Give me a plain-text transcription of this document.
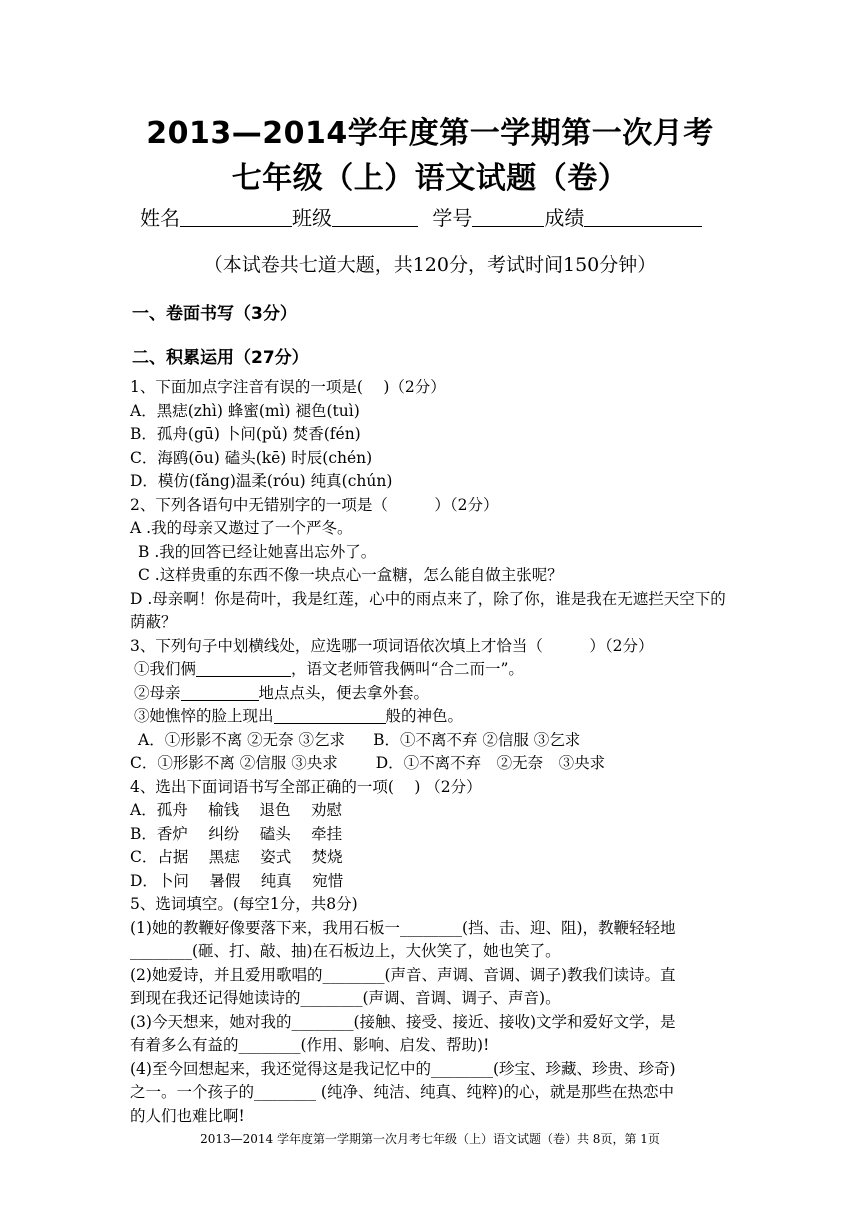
2013—2014学年度第一学期第一次月考
七年级（上）语文试题（卷）
姓名	班级	学号	成绩
（本试卷共七道大题，共120分，考试时间150分钟）
一、卷面书写（3分）
二、积累运用（27分）
1、下面加点字注音有误的一项是(　 )（2分）
A．黑痣(zhì) 蜂蜜(mì) 褪色(tuì)
B．孤舟(gū) 卜问(pǔ) 焚香(fén)
C．海鸥(ōu) 磕头(kē) 时辰(chén)
D．模仿(fǎng)温柔(róu) 纯真(chún)
2、下列各语句中无错别字的一项是（　　　）（2分）
A .我的母亲又遨过了一个严冬。
B .我的回答已经让她喜出忘外了。
C .这样贵重的东西不像一块点心一盒糖，怎么能自做主张呢？
D .母亲啊！你是荷叶，我是红莲，心中的雨点来了，除了你，谁是我在无遮拦天空下的荫蔽？
3、下列句子中划横线处，应选哪一项词语依次填上才恰当（　　　）（2分）
①我们俩	，语文老师管我俩叫“合二而一”。
②母亲	地点点头，便去拿外套。
③她憔悴的脸上现出	般的神色。
A．①形影不离 ②无奈 ③乞求 B．①不离不弃 ②信服 ③乞求
C．①形影不离 ②信服 ③央求 D．①不离不弃　②无奈　③央求
4、选出下面词语书写全部正确的一项(　 ) （2分）
A．孤舟　 榆钱　 退色　 劝慰
B．香炉　 纠纷　 磕头　 牵挂
C．占据　 黑痣　 姿式　 焚烧
D．卜问　 暑假　 纯真　 宛惜
5、选词填空。(每空1分，共8分)
(1)她的教鞭好像要落下来，我用石板一________(挡、击、迎、阻)，教鞭轻轻地
________(砸、打、敲、抽)在石板边上，大伙笑了，她也笑了。
(2)她爱诗，并且爱用歌唱的________(声音、声调、音调、调子)教我们读诗。直
到现在我还记得她读诗的________(声调、音调、调子、声音)。
(3)今天想来，她对我的________(接触、接受、接近、接收)文学和爱好文学，是
有着多么有益的________(作用、影响、启发、帮助)!
(4)至今回想起来，我还觉得这是我记忆中的________(珍宝、珍藏、珍贵、珍奇)
之一。一个孩子的________ (纯净、纯洁、纯真、纯粹)的心，就是那些在热恋中
的人们也难比啊!
2013—2014 学年度第一学期第一次月考七年级（上）语文试题（卷）共 8页，第 1页
